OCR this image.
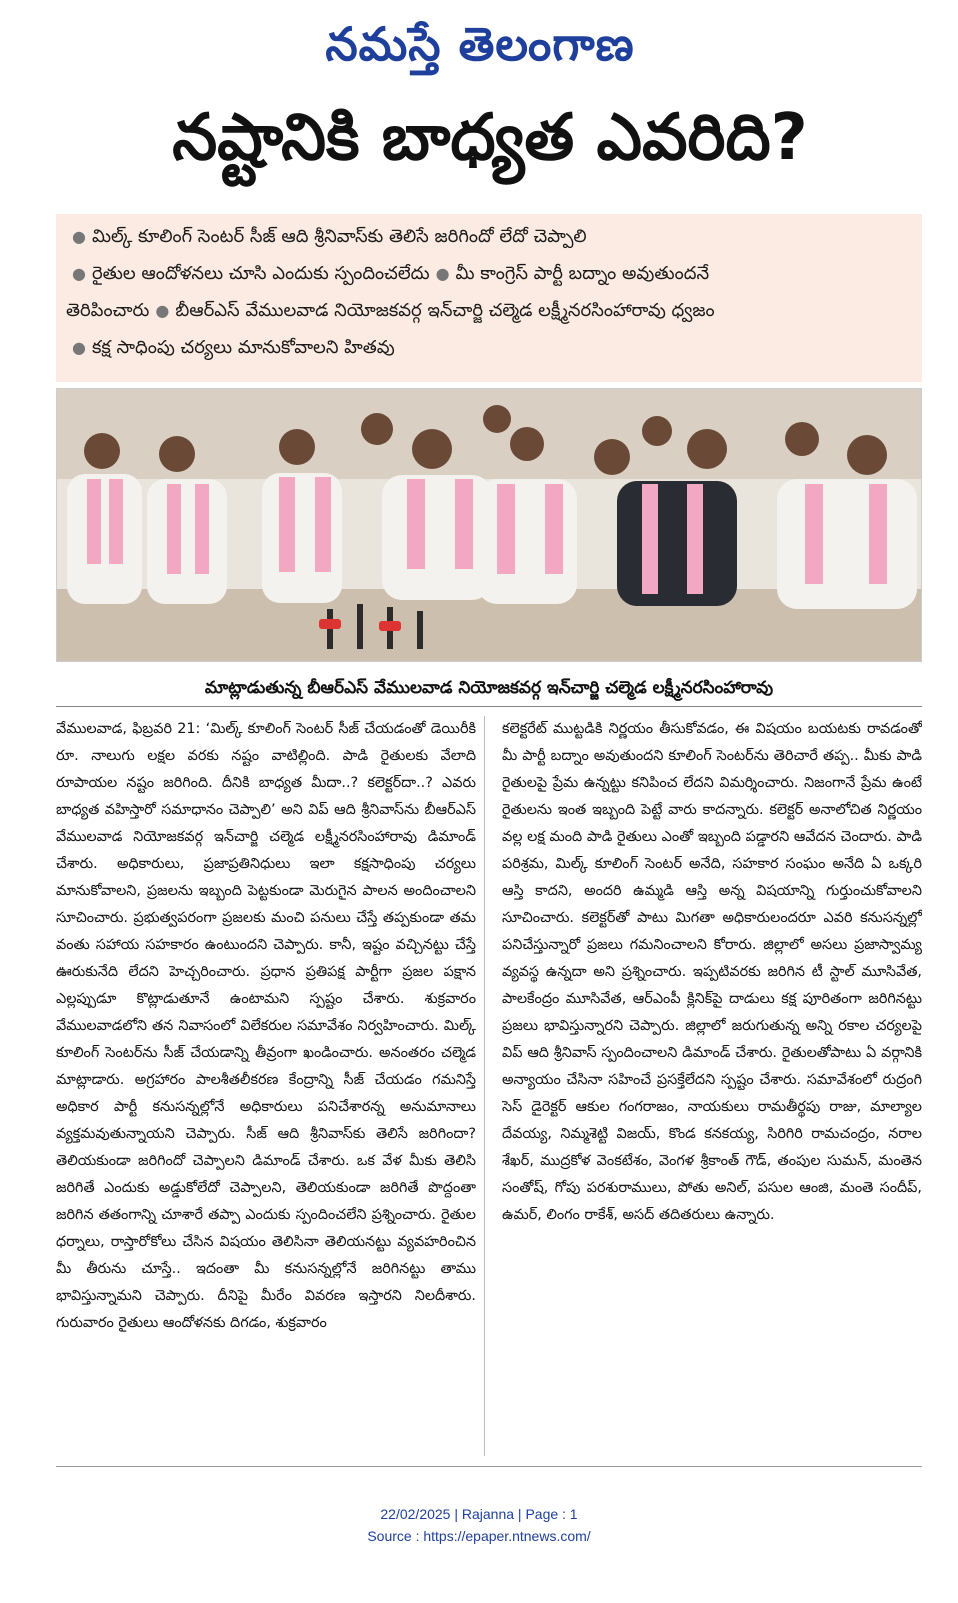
నమస్తే తెలంగాణ
నష్టానికి బాధ్యత ఎవరిది?
● మిల్క్ కూలింగ్ సెంటర్ సీజ్ ఆది శ్రీనివాస్‌కు తెలిసే జరిగిందో లేదో చెప్పాలి
● రైతుల ఆందోళనలు చూసి ఎందుకు స్పందించలేదు ● మీ కాంగ్రెస్ పార్టీ బద్నాం అవుతుందనే
తెరిపించారు ● బీఆర్‌ఎస్ వేములవాడ నియోజకవర్గ ఇన్‌చార్జి చల్మెడ లక్ష్మీనరసింహారావు ధ్వజం
● కక్ష సాధింపు చర్యలు మానుకోవాలని హితవు
మాట్లాడుతున్న బీఆర్‌ఎస్ వేములవాడ నియోజకవర్గ ఇన్‌చార్జి చల్మెడ లక్ష్మీనరసింహారావు
వేములవాడ, ఫిబ్రవరి 21: ‘మిల్క్ కూలింగ్ సెంటర్ సీజ్ చేయడంతో డెయిరీకి రూ. నాలుగు లక్షల వరకు నష్టం వాటిల్లింది. పాడి రైతులకు వేలాది రూపాయల నష్టం జరిగింది. దీనికి బాధ్యత మీదా..? కలెక్టర్‌దా..? ఎవరు బాధ్యత వహిస్తారో సమాధానం చెప్పాలి’ అని విప్ ఆది శ్రీనివాస్‌ను బీఆర్‌ఎస్ వేములవాడ నియోజకవర్గ ఇన్‌చార్జి చల్మెడ లక్ష్మీనరసింహారావు డిమాండ్ చేశారు. అధికారులు, ప్రజాప్రతినిధులు ఇలా కక్షసాధింపు చర్యలు మానుకోవాలని, ప్రజలను ఇబ్బంది పెట్టకుండా మెరుగైన పాలన అందించాలని సూచించారు. ప్రభుత్వపరంగా ప్రజలకు మంచి పనులు చేస్తే తప్పకుండా తమ వంతు సహాయ సహకారం ఉంటుందని చెప్పారు. కానీ, ఇష్టం వచ్చినట్టు చేస్తే ఊరుకునేది లేదని హెచ్చరించారు. ప్రధాన ప్రతిపక్ష పార్టీగా ప్రజల పక్షాన ఎల్లప్పుడూ కొట్లాడుతూనే ఉంటామని స్పష్టం చేశారు. శుక్రవారం వేములవాడలోని తన నివాసంలో విలేకరుల సమావేశం నిర్వహించారు. మిల్క్ కూలింగ్ సెంటర్‌ను సీజ్ చేయడాన్ని తీవ్రంగా ఖండించారు. అనంతరం చల్మెడ మాట్లాడారు. అగ్రహారం పాలశీతలీకరణ కేంద్రాన్ని సీజ్ చేయడం గమనిస్తే అధికార పార్టీ కనుసన్నల్లోనే అధికారులు పనిచేశారన్న అనుమానాలు వ్యక్తమవుతున్నాయని చెప్పారు. సీజ్ ఆది శ్రీనివాస్‌కు తెలిసే జరిగిందా? తెలియకుండా జరిగిందో చెప్పాలని డిమాండ్ చేశారు. ఒక వేళ మీకు తెలిసి జరిగితే ఎందుకు అడ్డుకోలేదో చెప్పాలని, తెలియకుండా జరిగితే పొద్దంతా జరిగిన తతంగాన్ని చూశారే తప్పా ఎందుకు స్పందించలేని ప్రశ్నించారు. రైతుల ధర్నాలు, రాస్తారోకోలు చేసిన విషయం తెలిసినా తెలియనట్టు వ్యవహరించిన మీ తీరును చూస్తే.. ఇదంతా మీ కనుసన్నల్లోనే జరిగినట్టు తాము భావిస్తున్నామని చెప్పారు. దీనిపై మీరేం వివరణ ఇస్తారని నిలదీశారు. గురువారం రైతులు ఆందోళనకు దిగడం, శుక్రవారం
కలెక్టరేట్ ముట్టడికి నిర్ణయం తీసుకోవడం, ఈ విషయం బయటకు రావడంతో మీ పార్టీ బద్నాం అవుతుందని కూలింగ్ సెంటర్‌ను తెరిచారే తప్ప.. మీకు పాడి రైతులపై ప్రేమ ఉన్నట్టు కనిపించ లేదని విమర్శించారు. నిజంగానే ప్రేమ ఉంటే రైతులను ఇంత ఇబ్బంది పెట్టే వారు కాదన్నారు. కలెక్టర్ అనాలోచిత నిర్ణయం వల్ల లక్ష మంది పాడి రైతులు ఎంతో ఇబ్బంది పడ్డారని ఆవేదన చెందారు. పాడి పరిశ్రమ, మిల్క్ కూలింగ్ సెంటర్ అనేది, సహకార సంఘం అనేది ఏ ఒక్కరి ఆస్తి కాదని, అందరి ఉమ్మడి ఆస్తి అన్న విషయాన్ని గుర్తుంచుకోవాలని సూచించారు. కలెక్టర్‌తో పాటు మిగతా అధికారులందరూ ఎవరి కనుసన్నల్లో పనిచేస్తున్నారో ప్రజలు గమనించాలని కోరారు. జిల్లాలో అసలు ప్రజాస్వామ్య వ్యవస్థ ఉన్నదా అని ప్రశ్నించారు. ఇప్పటివరకు జరిగిన టీ స్టాల్ మూసివేత, పాలకేంద్రం మూసివేత, ఆర్‌ఎంపీ క్లినిక్‌పై దాడులు కక్ష పూరితంగా జరిగినట్టు ప్రజలు భావిస్తున్నారని చెప్పారు. జిల్లాలో జరుగుతున్న అన్ని రకాల చర్యలపై విప్ ఆది శ్రీనివాస్ స్పందించాలని డిమాండ్ చేశారు. రైతులతోపాటు ఏ వర్గానికి అన్యాయం చేసినా సహించే ప్రసక్తేలేదని స్పష్టం చేశారు. సమావేశంలో రుద్రంగి సెస్ డైరెక్టర్ ఆకుల గంగరాజం, నాయకులు రామతీర్థపు రాజు, మాల్యాల దేవయ్య, నిమ్మశెట్టి విజయ్, కొండ కనకయ్య, సిరిగిరి రామచంద్రం, నరాల శేఖర్, ముద్రకోళ వెంకటేశం, వెంగళ శ్రీకాంత్ గౌడ్, తంపుల సుమన్, మంతెన సంతోష్, గోపు పరశురాములు, పోతు అనిల్, పసుల ఆంజి, మంతె సందీప్, ఉమర్, లింగం రాకేశ్, అసద్ తదితరులు ఉన్నారు.
22/02/2025 | Rajanna | Page : 1
Source : https://epaper.ntnews.com/
